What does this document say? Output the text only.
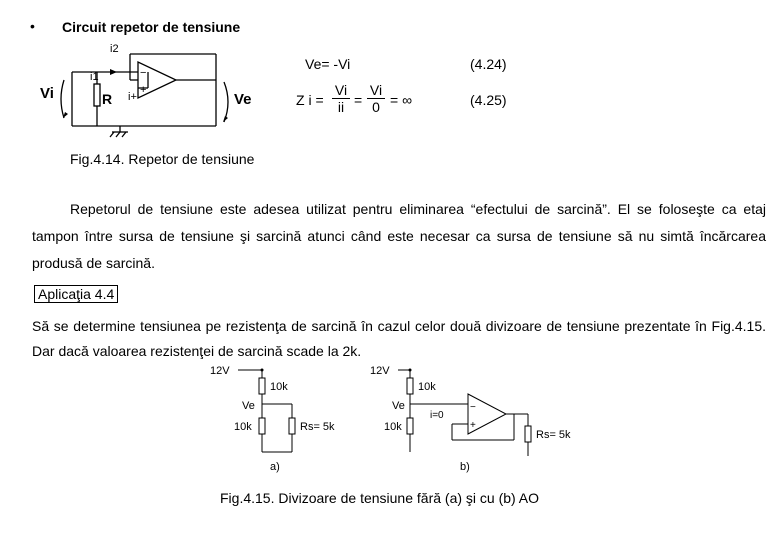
• Circuit repetor de tensiune
Vi	Ve
R
i1
i2
i+
−
+
Ve= -Vi	(4.24)
Z $i = \frac{Vi}{ii} = \frac{Vi}{0}$ = ∞	(4.25)
Fig.4.14. Repetor de tensiune
Repetorul de tensiune este adesea utilizat pentru eliminarea “efectului de sarcină”. El se foloseşte ca etaj tampon între sursa de tensiune şi sarcină atunci când este necesar ca sursa de tensiune să nu simtă încărcarea produsă de sarcină.
Aplicaţia 4.4
Să se determine tensiunea pe rezistenţa de sarcină în cazul celor două divizoare de tensiune prezentate în Fig.4.15. Dar dacă valoarea rezistenţei de sarcină scade la 2k.
12V
10k
Ve
10k	Rs= 5k
a)
12V
10k
Ve
i=0
10k
Rs= 5k
−
+
b)
Fig.4.15. Divizoare de tensiune fără (a) şi cu (b) AO
